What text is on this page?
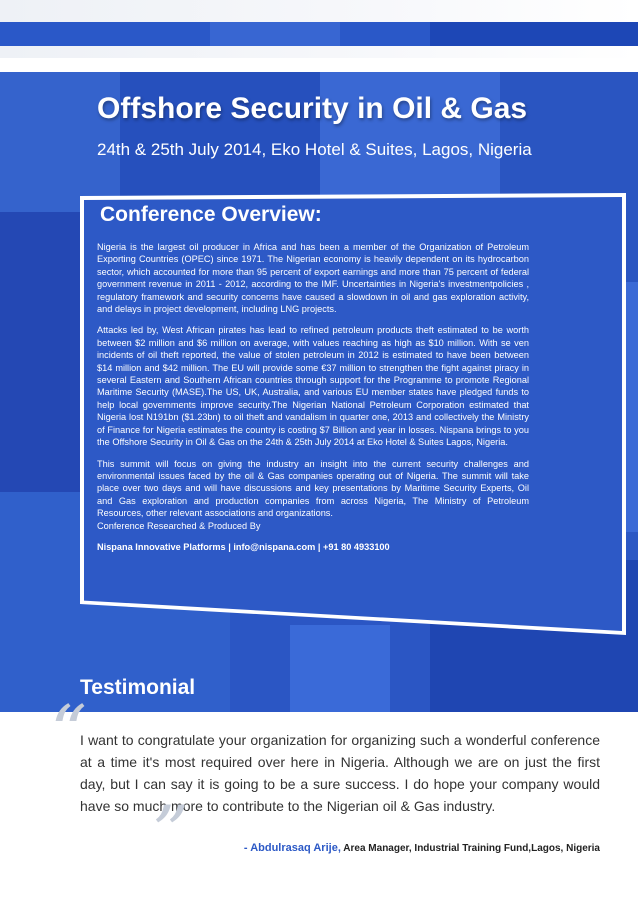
Offshore Security in Oil & Gas

24th & 25th July 2014, Eko Hotel & Suites, Lagos, Nigeria

Conference Overview:

Nigeria is the largest oil producer in Africa and has been a member of the Organization of Petroleum Exporting Countries (OPEC) since 1971. The Nigerian economy is heavily dependent on its hydrocarbon sector, which accounted for more than 95 percent of export earnings and more than 75 percent of federal government revenue in 2011 - 2012, according to the IMF. Uncertainties in Nigeria's investmentpolicies , regulatory framework and security concerns have caused a slowdown in oil and gas exploration activity, and delays in project development, including LNG projects.

Attacks led by, West African pirates has lead to refined petroleum products theft estimated to be worth between $2 million and $6 million on average, with values reaching as high as $10 million. With se ven incidents of oil theft reported, the value of stolen petroleum in 2012 is estimated to have been between $14 million and $42 million. The EU will provide some €37 million to strengthen the fight against piracy in several Eastern and Southern African countries through support for the Programme to promote Regional Maritime Security (MASE).The US, UK, Australia, and various EU member states have pledged funds to help local governments improve security.The Nigerian National Petroleum Corporation estimated that Nigeria lost N191bn ($1.23bn) to oil theft and vandalism in quarter one, 2013 and collectively the Ministry of Finance for Nigeria estimates the country is costing $7 Billion and year in losses. Nispana brings to you the Offshore Security in Oil & Gas on the 24th & 25th July 2014 at Eko Hotel & Suites Lagos, Nigeria.

This summit will focus on giving the industry an insight into the current security challenges and environmental issues faced by the oil & Gas companies operating out of Nigeria. The summit will take place over two days and will have discussions and key presentations by Maritime Security Experts, Oil and Gas exploration and production companies from across Nigeria, The Ministry of Petroleum Resources, other relevant associations and organizations.

Conference Researched & Produced By

Nispana Innovative Platforms | info@nispana.com | +91 80 4933100

Testimonial
“

I want to congratulate your organization for organizing such a wonderful conference at a time it's most required over here in Nigeria. Although we are on just the first day, but I can say it is going to be a sure success. I do hope your company would have so much more to contribute to the Nigerian oil & Gas industry.

”	- Abdulrasaq Arije, Area Manager, Industrial Training Fund,Lagos, Nigeria
